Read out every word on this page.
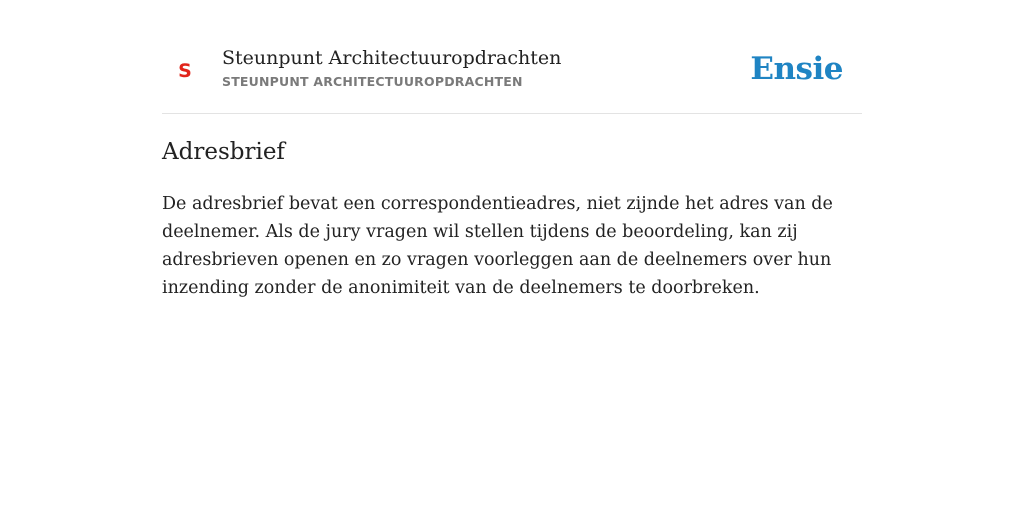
S
Steunpunt Architectuuropdrachten
STEUNPUNT ARCHITECTUUROPDRACHTEN	Ensie
Adresbrief

De adresbrief bevat een correspondentieadres, niet zijnde het adres van de
deelnemer. Als de jury vragen wil stellen tijdens de beoordeling, kan zij
adresbrieven openen en zo vragen voorleggen aan de deelnemers over hun
inzending zonder de anonimiteit van de deelnemers te doorbreken.
